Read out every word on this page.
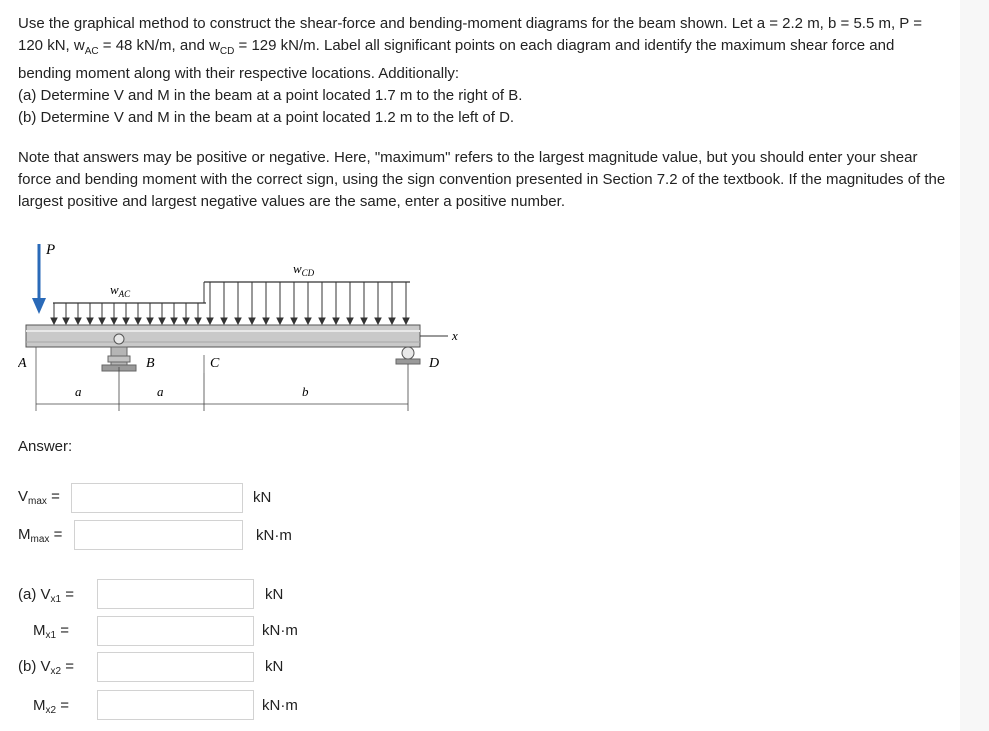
Use the graphical method to construct the shear-force and bending-moment diagrams for the beam shown. Let a = 2.2 m, b = 5.5 m, P =

120 kN, $w_{AC} = 48$ kN/m, and $w_{CD} = 129$ kN/m. Label all significant points on each diagram and identify the maximum shear force and

bending moment along with their respective locations. Additionally:

(a) Determine V and M in the beam at a point located 1.7 m to the right of B.

(b) Determine V and M in the beam at a point located 1.2 m to the left of D.

Note that answers may be positive or negative. Here, "maximum" refers to the largest magnitude value, but you should enter your shear force and bending moment with the correct sign, using the sign convention presented in Section 7.2 of the textbook. If the magnitudes of the largest positive and largest negative values are the same, enter a positive number.
P
$w_{AC}$
$w_{CD}$
x
A	B	C	D
a	a	b
Answer:
$V_{max}$ =	kN
$M_{max}$ =	kN·m
(a) $V_{x1}$ =	kN
$M_{x1}$ =	kN·m
(b) $V_{x2}$ =	kN
$M_{x2}$ =	kN·m
